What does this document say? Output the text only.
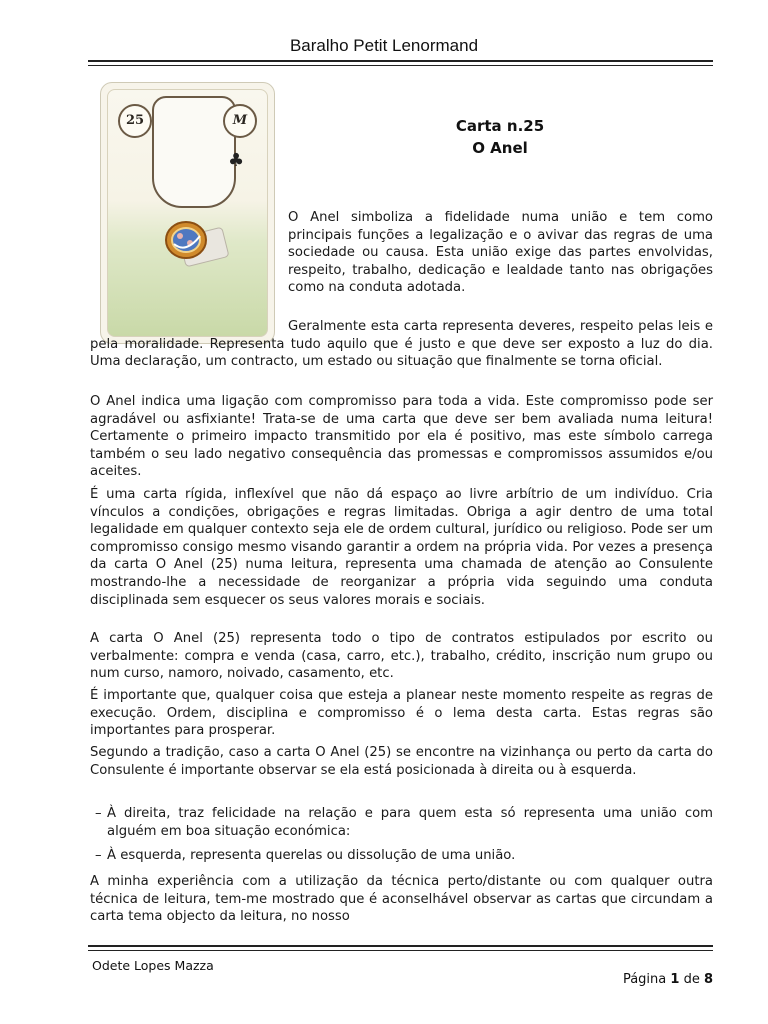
Baralho Petit Lenormand
♣
25	M	Carta n.25
O Anel

O Anel simboliza a fidelidade numa união e tem como principais funções a legalização e o avivar das regras de uma sociedade ou causa. Esta união exige das partes envolvidas, respeito, trabalho, dedicação e lealdade tanto nas obrigações como na conduta adotada.

Geralmente esta carta representa deveres, respeito pelas leis e pela moralidade. Representa tudo aquilo que é justo e que deve ser exposto a luz do dia. Uma declaração, um contracto, um estado ou situação que finalmente se torna oficial.

O Anel indica uma ligação com compromisso para toda a vida. Este compromisso pode ser agradável ou asfixiante! Trata-se de uma carta que deve ser bem avaliada numa leitura! Certamente o primeiro impacto transmitido por ela é positivo, mas este símbolo carrega também o seu lado negativo consequência das promessas e compromissos assumidos e/ou aceites.

É uma carta rígida, inflexível que não dá espaço ao livre arbítrio de um indivíduo. Cria vínculos a condições, obrigações e regras limitadas. Obriga a agir dentro de uma total legalidade em qualquer contexto seja ele de ordem cultural, jurídico ou religioso. Pode ser um compromisso consigo mesmo visando garantir a ordem na própria vida. Por vezes a presença da carta O Anel (25) numa leitura, representa uma chamada de atenção ao Consulente mostrando-lhe a necessidade de reorganizar a própria vida seguindo uma conduta disciplinada sem esquecer os seus valores morais e sociais.

A carta O Anel (25) representa todo o tipo de contratos estipulados por escrito ou verbalmente: compra e venda (casa, carro, etc.), trabalho, crédito, inscrição num grupo ou num curso, namoro, noivado, casamento, etc.

É importante que, qualquer coisa que esteja a planear neste momento respeite as regras de execução. Ordem, disciplina e compromisso é o lema desta carta. Estas regras são importantes para prosperar.

Segundo a tradição, caso a carta O Anel (25) se encontre na vizinhança ou perto da carta do Consulente é importante observar se ela está posicionada à direita ou à esquerda.

– À direita, traz felicidade na relação e para quem esta só representa uma união com alguém em boa situação económica:
– À esquerda, representa querelas ou dissolução de uma união.

A minha experiência com a utilização da técnica perto/distante ou com qualquer outra técnica de leitura, tem-me mostrado que é aconselhável observar as cartas que circundam a carta tema objecto da leitura, no nosso

Odete Lopes Mazza
Página 1 de 8
